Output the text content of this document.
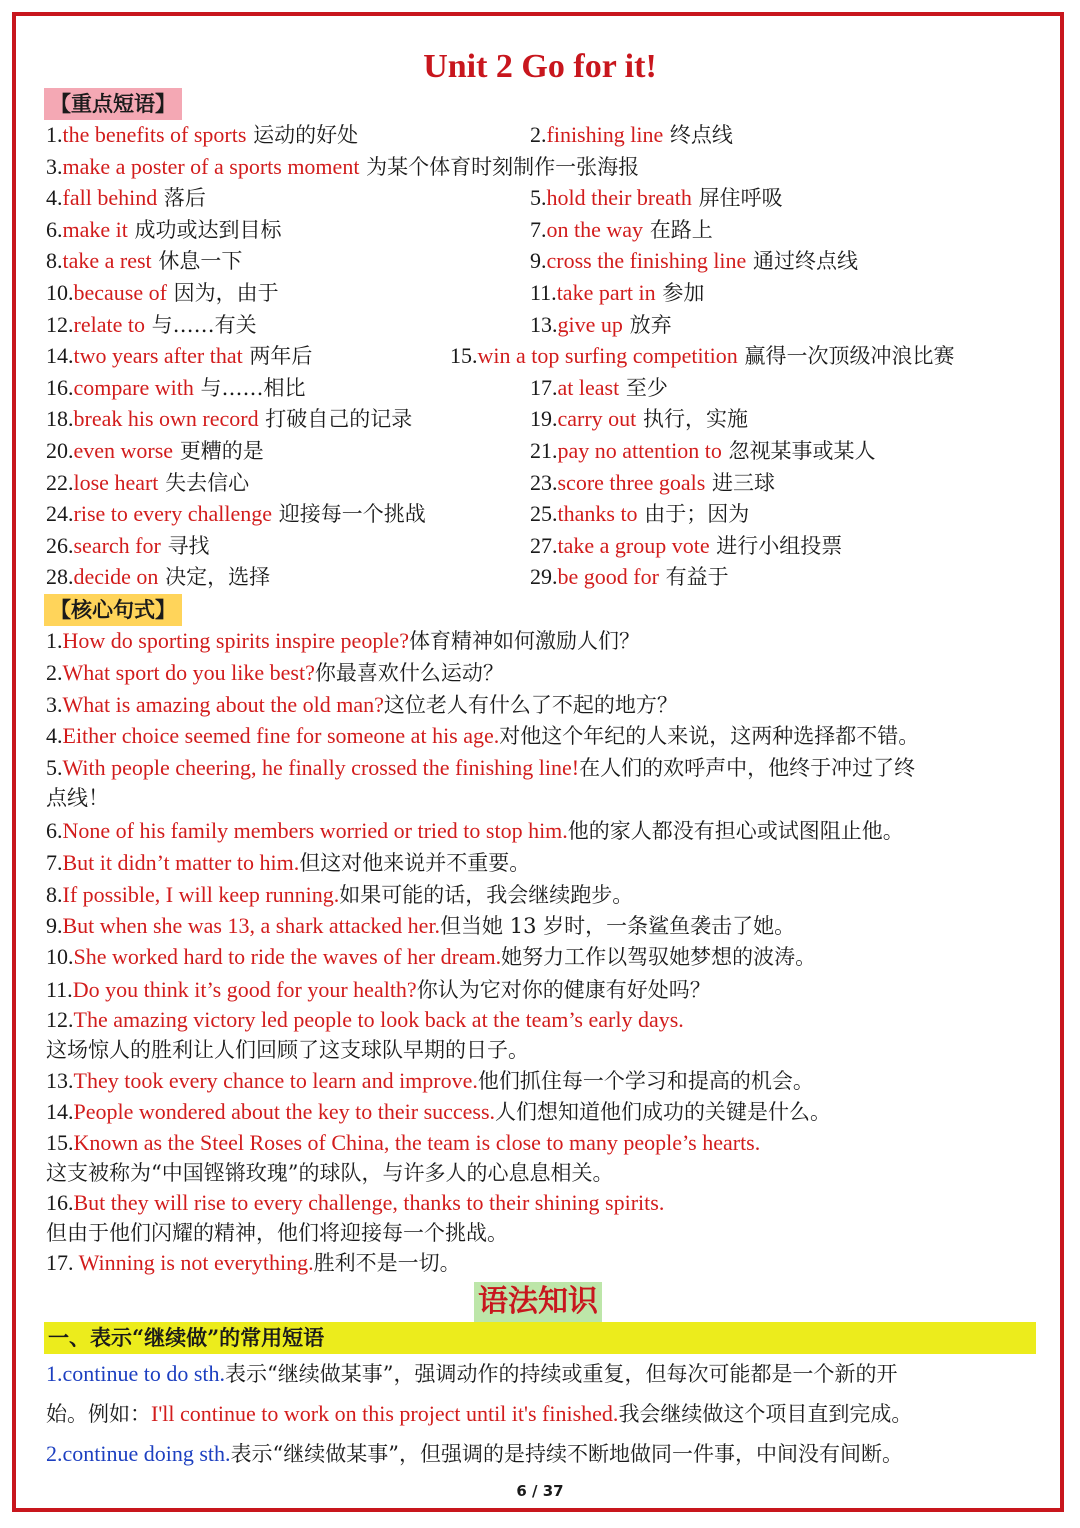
Unit 2 Go for it!
【重点短语】
1.the benefits of sports 运动的好处	2.finishing line 终点线
3.make a poster of a sports moment 为某个体育时刻制作一张海报
4.fall behind 落后	5.hold their breath 屏住呼吸
6.make it 成功或达到目标	7.on the way 在路上
8.take a rest 休息一下	9.cross the finishing line 通过终点线
10.because of 因为，由于	11.take part in 参加
12.relate to 与……有关	13.give up 放弃
14.two years after that 两年后	15.win a top surfing competition 赢得一次顶级冲浪比赛
16.compare with 与……相比	17.at least 至少
18.break his own record 打破自己的记录	19.carry out 执行，实施
20.even worse 更糟的是	21.pay no attention to 忽视某事或某人
22.lose heart 失去信心	23.score three goals 进三球
24.rise to every challenge 迎接每一个挑战	25.thanks to 由于；因为
26.search for 寻找	27.take a group vote 进行小组投票
28.decide on 决定，选择	29.be good for 有益于
【核心句式】
1.How do sporting spirits inspire people?体育精神如何激励人们？
2.What sport do you like best?你最喜欢什么运动？
3.What is amazing about the old man?这位老人有什么了不起的地方？
4.Either choice seemed fine for someone at his age.对他这个年纪的人来说，这两种选择都不错。
5.With people cheering, he finally crossed the finishing line!在人们的欢呼声中，他终于冲过了终
点线！
6.None of his family members worried or tried to stop him.他的家人都没有担心或试图阻止他。
7.But it didn’t matter to him.但这对他来说并不重要。
8.If possible, I will keep running.如果可能的话，我会继续跑步。
9.But when she was 13, a shark attacked her.但当她 13 岁时，一条鲨鱼袭击了她。
10.She worked hard to ride the waves of her dream.她努力工作以驾驭她梦想的波涛。
11.Do you think it’s good for your health?你认为它对你的健康有好处吗？
12.The amazing victory led people to look back at the team’s early days.
这场惊人的胜利让人们回顾了这支球队早期的日子。
13.They took every chance to learn and improve.他们抓住每一个学习和提高的机会。
14.People wondered about the key to their success.人们想知道他们成功的关键是什么。
15.Known as the Steel Roses of China, the team is close to many people’s hearts.
这支被称为“中国铿锵玫瑰”的球队，与许多人的心息息相关。
16.But they will rise to every challenge, thanks to their shining spirits.
但由于他们闪耀的精神，他们将迎接每一个挑战。
17. Winning is not everything.胜利不是一切。
语法知识
一、表示“继续做”的常用短语
1.continue to do sth.表示“继续做某事”，强调动作的持续或重复，但每次可能都是一个新的开
始。例如：I'll continue to work on this project until it's finished.我会继续做这个项目直到完成。
2.continue doing sth.表示“继续做某事”，但强调的是持续不断地做同一件事，中间没有间断。
6 / 37
